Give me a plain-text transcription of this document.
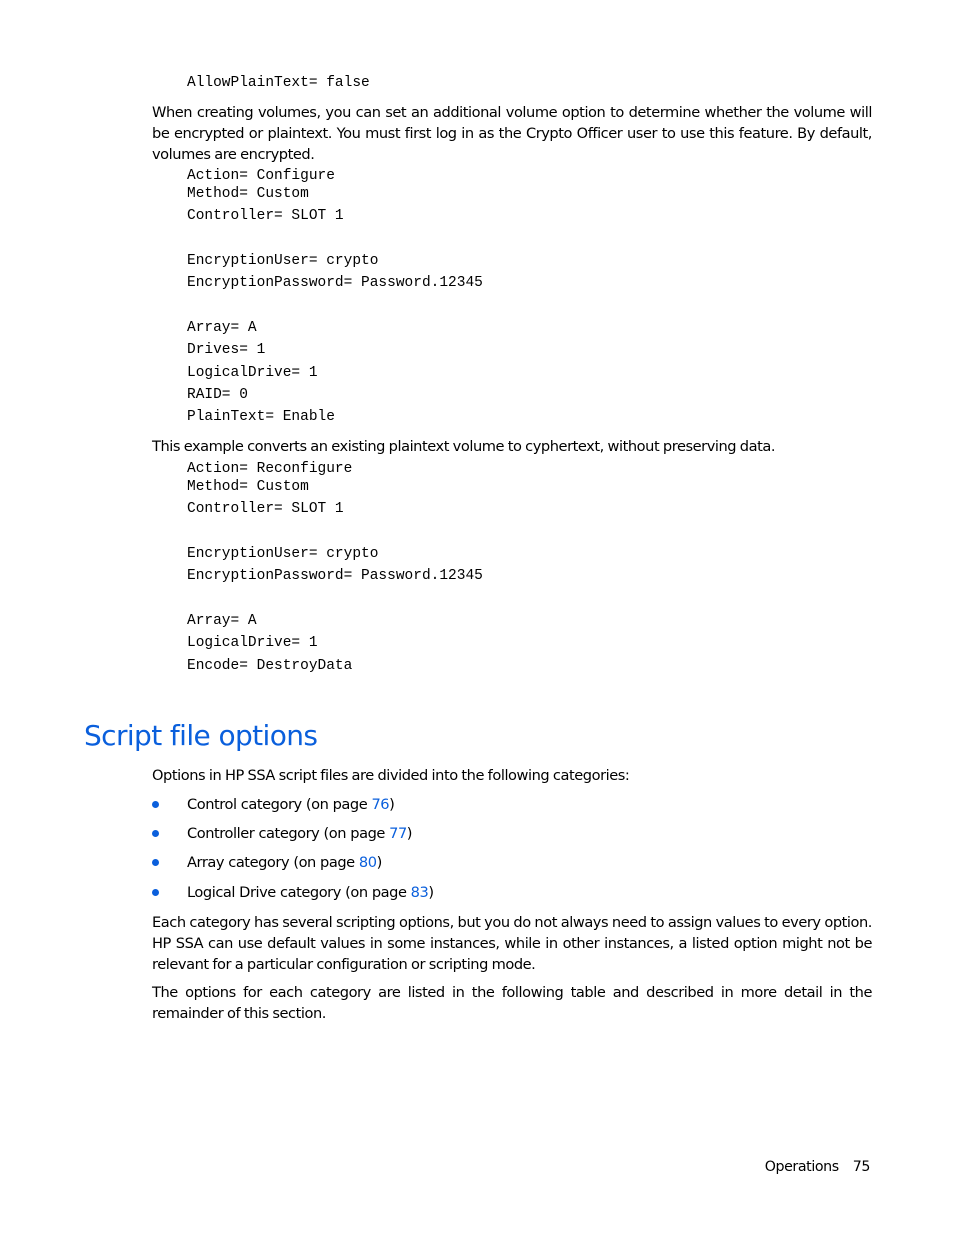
AllowPlainText= false
When creating volumes, you can set an additional volume option to determine whether the volume will be encrypted or plaintext. You must first log in as the Crypto Officer user to use this feature. By default, volumes are encrypted.
Action= Configure
Method= Custom
Controller= SLOT 1
EncryptionUser= crypto
EncryptionPassword= Password.12345
Array= A
Drives= 1
LogicalDrive= 1
RAID= 0
PlainText= Enable
This example converts an existing plaintext volume to cyphertext, without preserving data.
Action= Reconfigure
Method= Custom
Controller= SLOT 1
EncryptionUser= crypto
EncryptionPassword= Password.12345
Array= A
LogicalDrive= 1
Encode= DestroyData
Script file options
Options in HP SSA script files are divided into the following categories:
Control category (on page 76)
Controller category (on page 77)
Array category (on page 80)
Logical Drive category (on page 83)
Each category has several scripting options, but you do not always need to assign values to every option. HP SSA can use default values in some instances, while in other instances, a listed option might not be relevant for a particular configuration or scripting mode.
The options for each category are listed in the following table and described in more detail in the remainder of this section.
Operations 75
